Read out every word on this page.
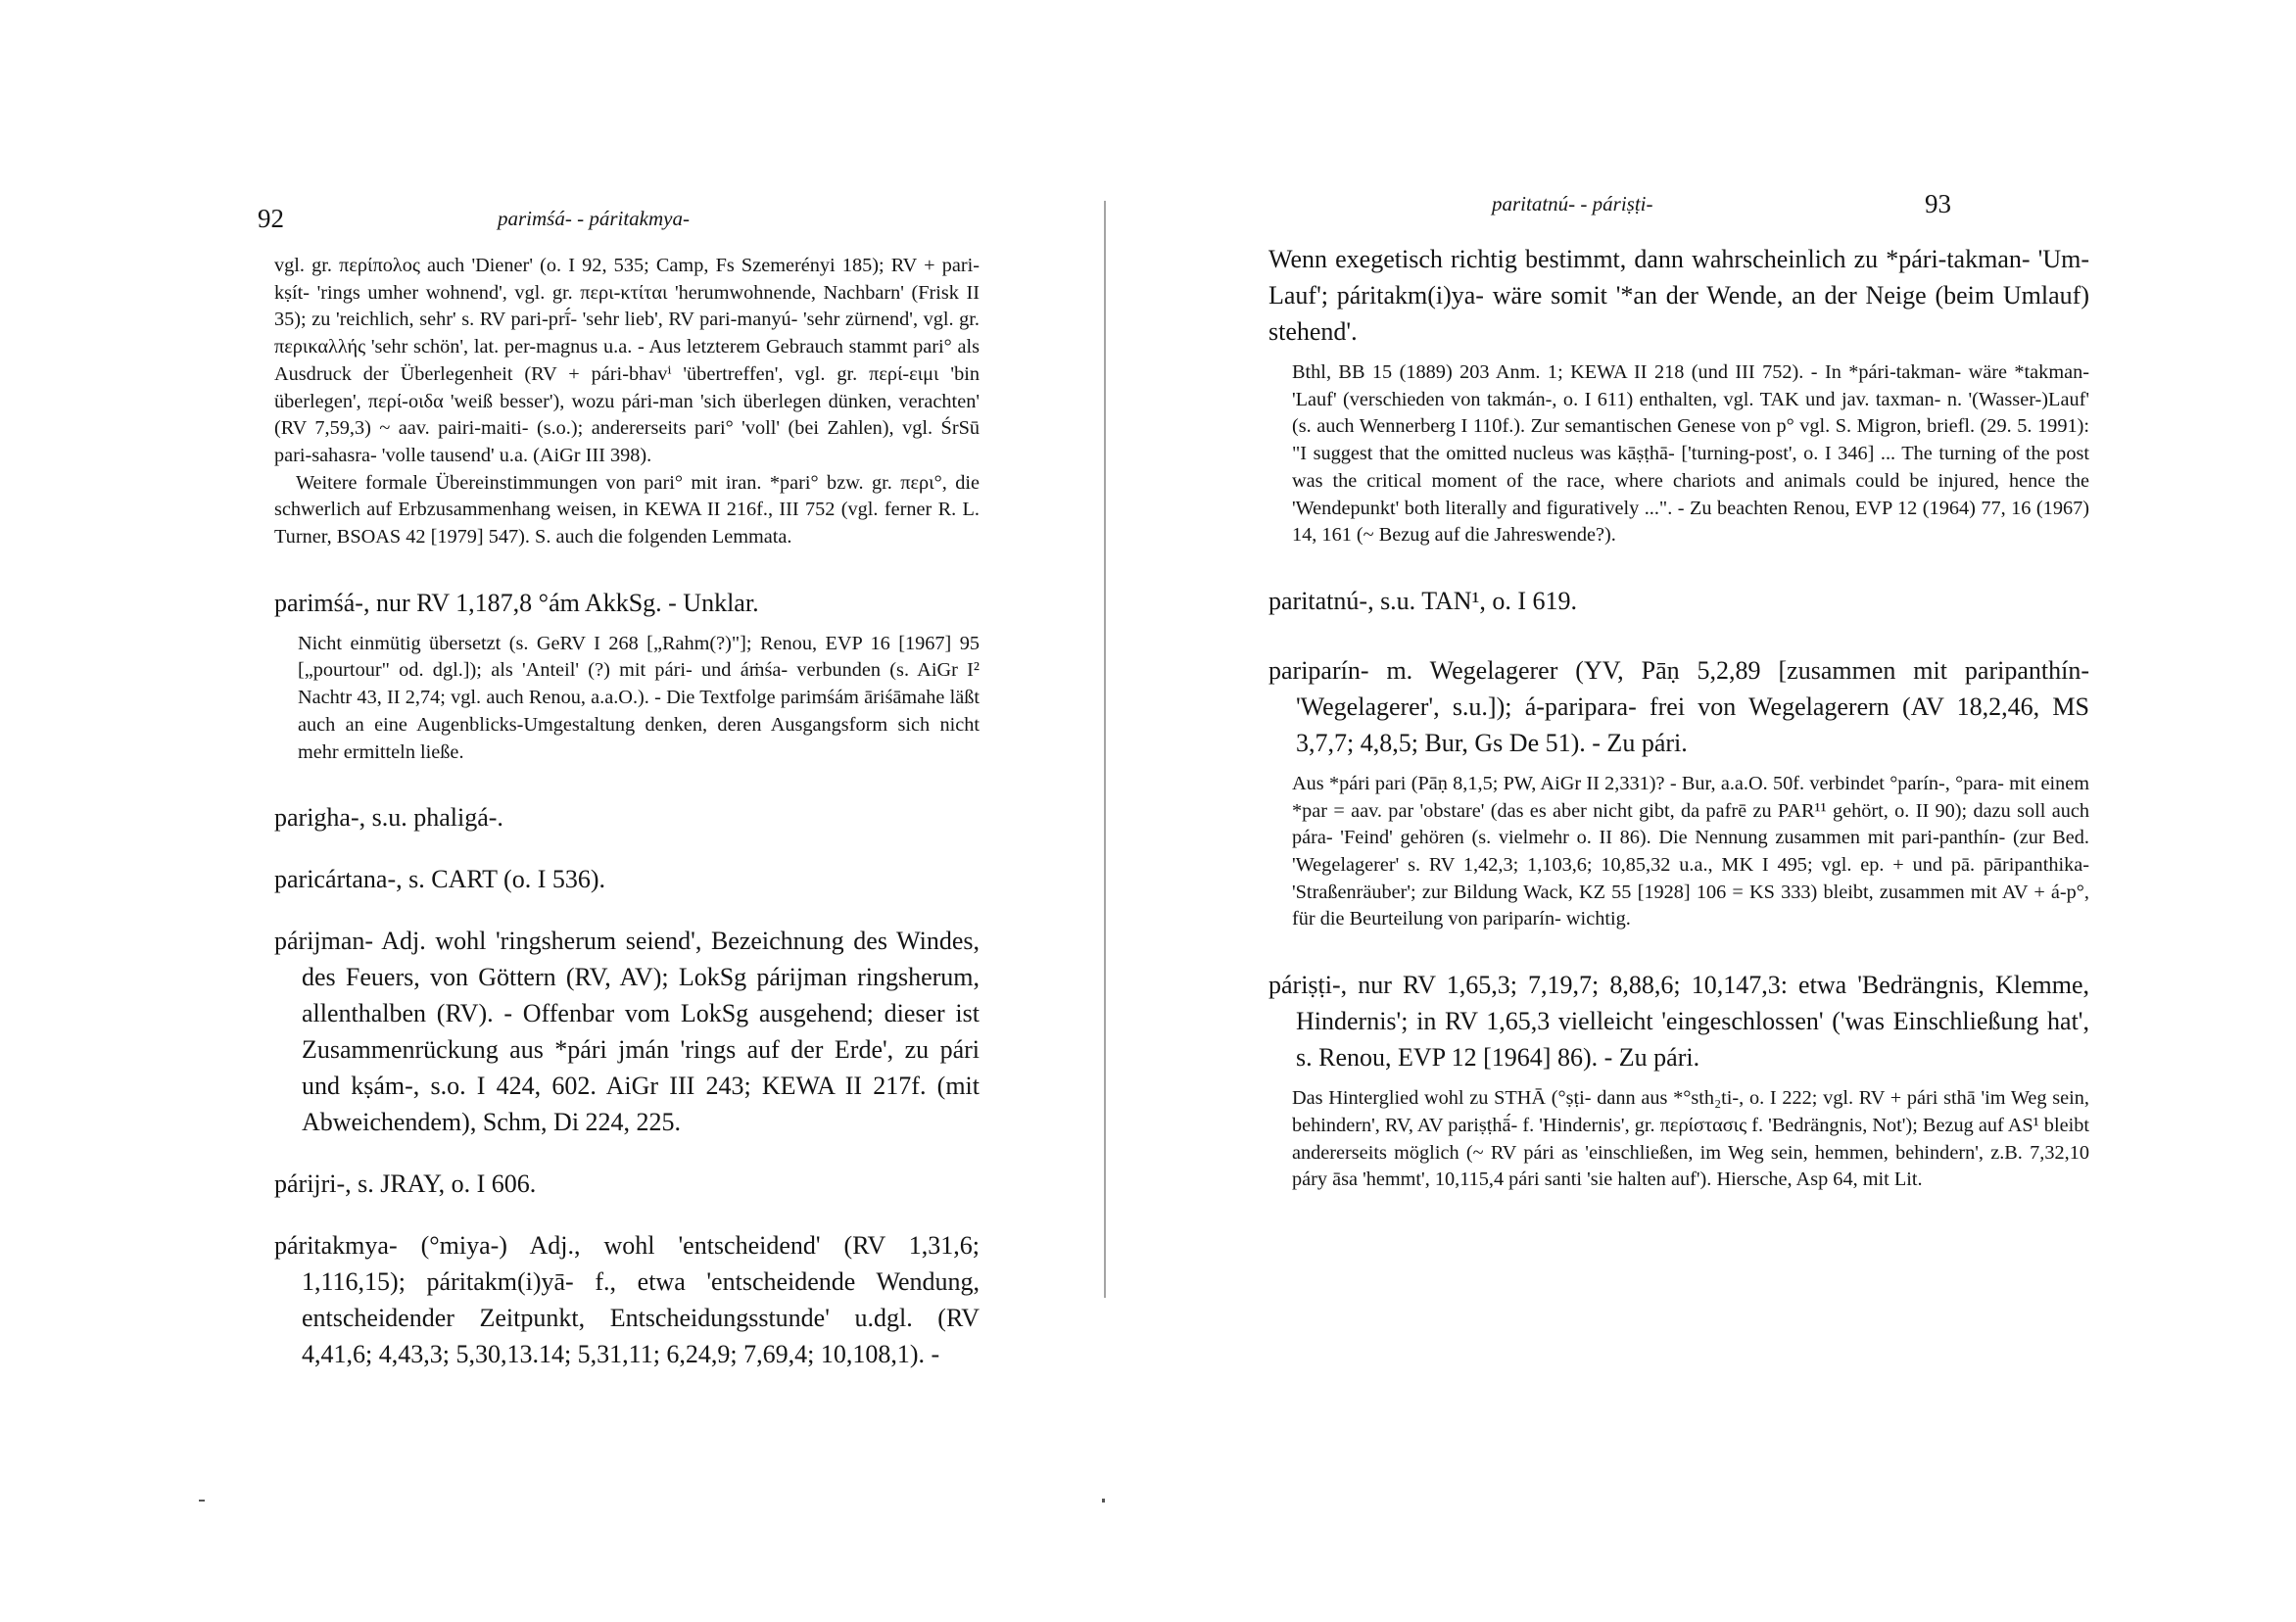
92	parimśá- - páritakmya-

vgl. gr. περίπολος auch 'Diener' (o. I 92, 535; Camp, Fs Szemerényi 185); RV + pari-kṣít- 'rings umher wohnend', vgl. gr. περι-κτίται 'herumwohnende, Nachbarn' (Frisk II 35); zu 'reichlich, sehr' s. RV pari-prī́- 'sehr lieb', RV pari-manyú- 'sehr zürnend', vgl. gr. περικαλλής 'sehr schön', lat. per-magnus u.a. - Aus letzterem Gebrauch stammt pari° als Ausdruck der Überlegenheit (RV + pári-bhavⁱ 'übertreffen', vgl. gr. περί-ειμι 'bin überlegen', περί-οιδα 'weiß besser'), wozu pári-man 'sich überlegen dünken, verachten' (RV 7,59,3) ~ aav. pairi-maiti- (s.o.); andererseits pari° 'voll' (bei Zahlen), vgl. ŚrSū pari-sahasra- 'volle tausend' u.a. (AiGr III 398).

Weitere formale Übereinstimmungen von pari° mit iran. *pari° bzw. gr. περι°, die schwerlich auf Erbzusammenhang weisen, in KEWA II 216f., III 752 (vgl. ferner R. L. Turner, BSOAS 42 [1979] 547). S. auch die folgenden Lemmata.

parimśá-, nur RV 1,187,8 °ám AkkSg. - Unklar.

Nicht einmütig übersetzt (s. GeRV I 268 [„Rahm(?)"]; Renou, EVP 16 [1967] 95 [„pourtour" od. dgl.]); als 'Anteil' (?) mit pári- und áṁśa- verbunden (s. AiGr I² Nachtr 43, II 2,74; vgl. auch Renou, a.a.O.). - Die Textfolge parimśám āriśāmahe läßt auch an eine Augenblicks-Umgestaltung denken, deren Ausgangsform sich nicht mehr ermitteln ließe.

parigha-, s.u. phaligá-.

paricártana-, s. CART (o. I 536).

párijman- Adj. wohl 'ringsherum seiend', Bezeichnung des Windes, des Feuers, von Göttern (RV, AV); LokSg párijman ringsherum, allenthalben (RV). - Offenbar vom LokSg ausgehend; dieser ist Zusammenrückung aus *pári jmán 'rings auf der Erde', zu pári und kṣám-, s.o. I 424, 602. AiGr III 243; KEWA II 217f. (mit Abweichendem), Schm, Di 224, 225.

párijri-, s. JRAY, o. I 606.

páritakmya- (°miya-) Adj., wohl 'entscheidend' (RV 1,31,6; 1,116,15); páritakm(i)yā- f., etwa 'entscheidende Wendung, entscheidender Zeitpunkt, Entscheidungsstunde' u.dgl. (RV 4,41,6; 4,43,3; 5,30,13.14; 5,31,11; 6,24,9; 7,69,4; 10,108,1). -

paritatnú- - páriṣṭi-	93

Wenn exegetisch richtig bestimmt, dann wahrscheinlich zu *pári-takman- 'Um-Lauf'; páritakm(i)ya- wäre somit '*an der Wende, an der Neige (beim Umlauf) stehend'.

Bthl, BB 15 (1889) 203 Anm. 1; KEWA II 218 (und III 752). - In *pári-takman- wäre *takman- 'Lauf' (verschieden von takmán-, o. I 611) enthalten, vgl. TAK und jav. taxman- n. '(Wasser-)Lauf' (s. auch Wennerberg I 110f.). Zur semantischen Genese von p° vgl. S. Migron, briefl. (29. 5. 1991): "I suggest that the omitted nucleus was kāṣṭhā- ['turning-post', o. I 346] ... The turning of the post was the critical moment of the race, where chariots and animals could be injured, hence the 'Wendepunkt' both literally and figuratively ...". - Zu beachten Renou, EVP 12 (1964) 77, 16 (1967) 14, 161 (~ Bezug auf die Jahreswende?).

paritatnú-, s.u. TAN¹, o. I 619.

pariparín- m. Wegelagerer (YV, Pāṇ 5,2,89 [zusammen mit paripanthín- 'Wegelagerer', s.u.]); á-paripara- frei von Wegelagerern (AV 18,2,46, MS 3,7,7; 4,8,5; Bur, Gs De 51). - Zu pári.

Aus *pári pari (Pāṇ 8,1,5; PW, AiGr II 2,331)? - Bur, a.a.O. 50f. verbindet °parín-, °para- mit einem *par = aav. par 'obstare' (das es aber nicht gibt, da pafrē zu PAR¹¹ gehört, o. II 90); dazu soll auch pára- 'Feind' gehören (s. vielmehr o. II 86). Die Nennung zusammen mit pari-panthín- (zur Bed. 'Wegelagerer' s. RV 1,42,3; 1,103,6; 10,85,32 u.a., MK I 495; vgl. ep. + und pā. pāripanthika- 'Straßenräuber'; zur Bildung Wack, KZ 55 [1928] 106 = KS 333) bleibt, zusammen mit AV + á-p°, für die Beurteilung von pariparín- wichtig.

páriṣṭi-, nur RV 1,65,3; 7,19,7; 8,88,6; 10,147,3: etwa 'Bedrängnis, Klemme, Hindernis'; in RV 1,65,3 vielleicht 'eingeschlossen' ('was Einschließung hat', s. Renou, EVP 12 [1964] 86). - Zu pári.

Das Hinterglied wohl zu STHĀ (°ṣṭi- dann aus *°sth₂ti-, o. I 222; vgl. RV + pári sthā 'im Weg sein, behindern', RV, AV pariṣṭhā́- f. 'Hindernis', gr. περίστασις f. 'Bedrängnis, Not'); Bezug auf AS¹ bleibt andererseits möglich (~ RV pári as 'einschließen, im Weg sein, hemmen, behindern', z.B. 7,32,10 páry āsa 'hemmt', 10,115,4 pári santi 'sie halten auf'). Hiersche, Asp 64, mit Lit.
